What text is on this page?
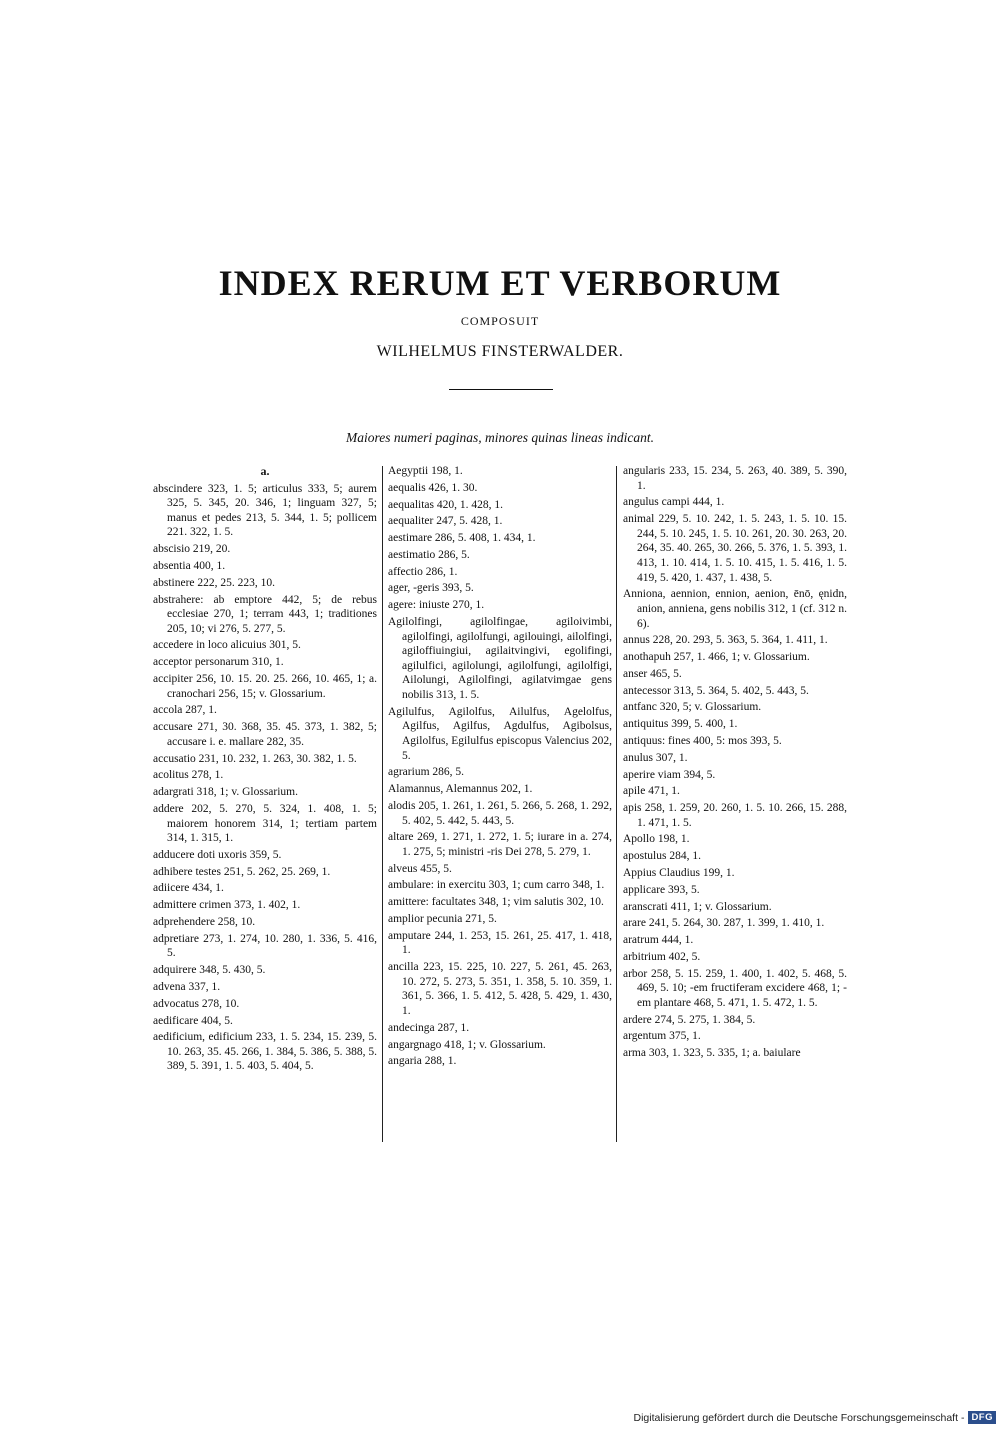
INDEX RERUM ET VERBORUM
COMPOSUIT
WILHELMUS FINSTERWALDER.
Maiores numeri paginas, minores quinas lineas indicant.
a.
abscindere 323, 1. 5; articulus 333, 5; aurem 325, 5. 345, 20. 346, 1; linguam 327, 5; manus et pedes 213, 5. 344, 1. 5; pollicem 221. 322, 1. 5.
abscisio 219, 20.
absentia 400, 1.
abstinere 222, 25. 223, 10.
abstrahere: ab emptore 442, 5; de rebus ecclesiae 270, 1; terram 443, 1; traditiones 205, 10; vi 276, 5. 277, 5.
accedere in loco alicuius 301, 5.
acceptor personarum 310, 1.
accipiter 256, 10. 15. 20. 25. 266, 10. 465, 1; a. cranochari 256, 15; v. Glossarium.
accola 287, 1.
accusare 271, 30. 368, 35. 45. 373, 1. 382, 5; accusare i. e. mallare 282, 35.
accusatio 231, 10. 232, 1. 263, 30. 382, 1. 5.
acolitus 278, 1.
adargrati 318, 1; v. Glossarium.
addere 202, 5. 270, 5. 324, 1. 408, 1. 5; maiorem honorem 314, 1; tertiam partem 314, 1. 315, 1.
adducere doti uxoris 359, 5.
adhibere testes 251, 5. 262, 25. 269, 1.
adiicere 434, 1.
admittere crimen 373, 1. 402, 1.
adprehendere 258, 10.
adpretiare 273, 1. 274, 10. 280, 1. 336, 5. 416, 5.
adquirere 348, 5. 430, 5.
advena 337, 1.
advocatus 278, 10.
aedificare 404, 5.
aedificium, edificium 233, 1. 5. 234, 15. 239, 5. 10. 263, 35. 45. 266, 1. 384, 5. 386, 5. 388, 5. 389, 5. 391, 1. 5. 403, 5. 404, 5.
Aegyptii 198, 1.
aequalis 426, 1. 30.
aequalitas 420, 1. 428, 1.
aequaliter 247, 5. 428, 1.
aestimare 286, 5. 408, 1. 434, 1.
aestimatio 286, 5.
affectio 286, 1.
ager, -geris 393, 5.
agere: iniuste 270, 1.
Agilolfingi, agilolfingae, agiloivimbi, agilolfingi, agilolfungi, agilouingi, ailolfingi, agiloffiuingiui, agilaitvingivi, egolifingi, agilulfici, agilolungi, agilolfungi, agilolfigi, Ailolungi, Agilolfingi, agilatvimgae gens nobilis 313, 1. 5.
Agilulfus, Agilolfus, Ailulfus, Agelolfus, Agilfus, Agilfus, Agdulfus, Agibolsus, Agilolfus, Egilulfus episcopus Valencius 202, 5.
agrarium 286, 5.
Alamannus, Alemannus 202, 1.
alodis 205, 1. 261, 1. 261, 5. 266, 5. 268, 1. 292, 5. 402, 5. 442, 5. 443, 5.
altare 269, 1. 271, 1. 272, 1. 5; iurare in a. 274, 1. 275, 5; ministri -ris Dei 278, 5. 279, 1.
alveus 455, 5.
ambulare: in exercitu 303, 1; cum carro 348, 1.
amittere: facultates 348, 1; vim salutis 302, 10.
amplior pecunia 271, 5.
amputare 244, 1. 253, 15. 261, 25. 417, 1. 418, 1.
ancilla 223, 15. 225, 10. 227, 5. 261, 45. 263, 10. 272, 5. 273, 5. 351, 1. 358, 5. 10. 359, 1. 361, 5. 366, 1. 5. 412, 5. 428, 5. 429, 1. 430, 1.
andecinga 287, 1.
angargnago 418, 1; v. Glossarium.
angaria 288, 1.
angularis 233, 15. 234, 5. 263, 40. 389, 5. 390, 1.
angulus campi 444, 1.
animal 229, 5. 10. 242, 1. 5. 243, 1. 5. 10. 15. 244, 5. 10. 245, 1. 5. 10. 261, 20. 30. 263, 20. 264, 35. 40. 265, 30. 266, 5. 376, 1. 5. 393, 1. 413, 1. 10. 414, 1. 5. 10. 415, 1. 5. 416, 1. 5. 419, 5. 420, 1. 437, 1. 438, 5.
Anniona, aennion, ennion, aenion, ēnō, ęnidn, anion, anniena, gens nobilis 312, 1 (cf. 312 n. 6).
annus 228, 20. 293, 5. 363, 5. 364, 1. 411, 1.
anothapuh 257, 1. 466, 1; v. Glossarium.
anser 465, 5.
antecessor 313, 5. 364, 5. 402, 5. 443, 5.
antfanc 320, 5; v. Glossarium.
antiquitus 399, 5. 400, 1.
antiquus: fines 400, 5: mos 393, 5.
anulus 307, 1.
aperire viam 394, 5.
apile 471, 1.
apis 258, 1. 259, 20. 260, 1. 5. 10. 266, 15. 288, 1. 471, 1. 5.
Apollo 198, 1.
apostulus 284, 1.
Appius Claudius 199, 1.
applicare 393, 5.
aranscrati 411, 1; v. Glossarium.
arare 241, 5. 264, 30. 287, 1. 399, 1. 410, 1.
aratrum 444, 1.
arbitrium 402, 5.
arbor 258, 5. 15. 259, 1. 400, 1. 402, 5. 468, 5. 469, 5. 10; -em fructiferam excidere 468, 1; -em plantare 468, 5. 471, 1. 5. 472, 1. 5.
ardere 274, 5. 275, 1. 384, 5.
argentum 375, 1.
arma 303, 1. 323, 5. 335, 1; a. baiulare
Digitalisierung gefördert durch die Deutsche Forschungsgemeinschaft - DFG
